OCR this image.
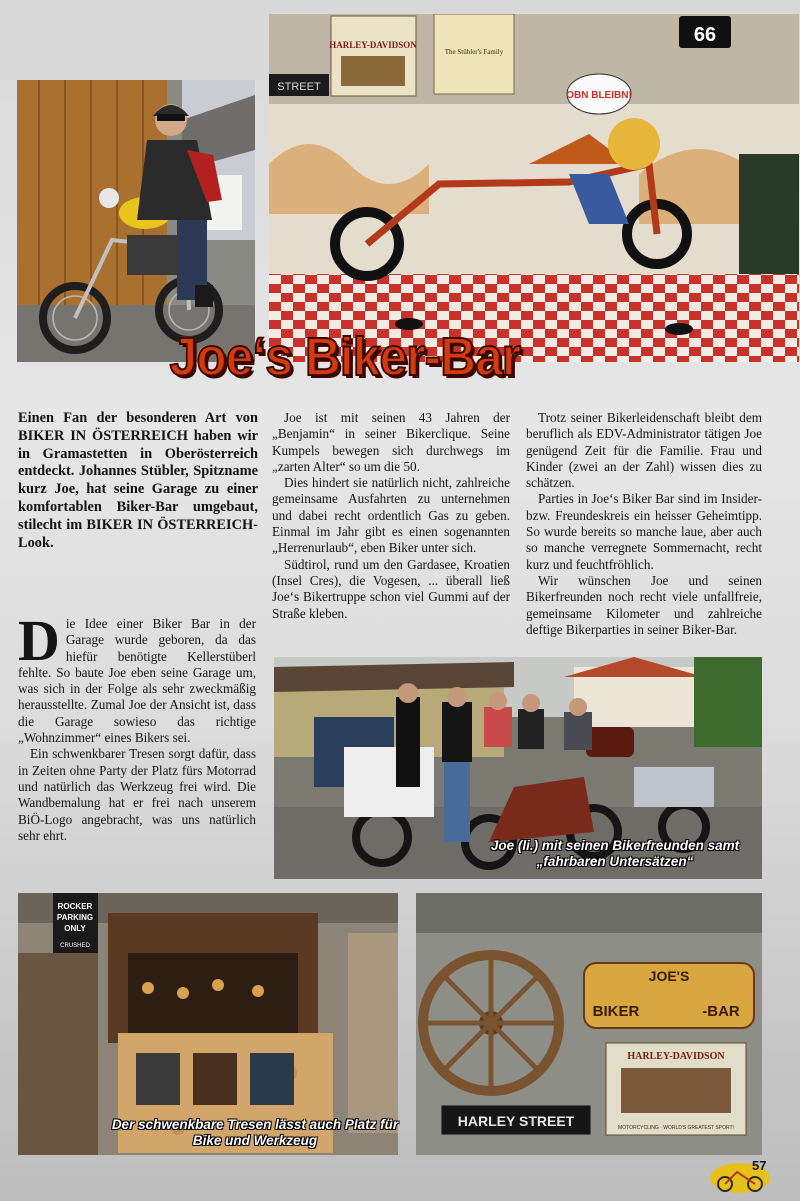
HARLEY-DAVIDSON
The Stübler's Family
66
STREET
OBN BLEIBN!
Joe‘s Biker-Bar
Einen Fan der besonderen Art von BIKER IN ÖSTERREICH haben wir in Gramastetten in Oberösterreich entdeckt. Johannes Stübler, Spitzname kurz Joe, hat seine Garage zu einer komfortablen Biker-Bar umgebaut, stilecht im BIKER IN ÖSTERREICH-Look.

Die Idee einer Biker Bar in der Garage wurde geboren, da das hiefür benötigte Kellerstüberl fehlte. So baute Joe eben seine Garage um, was sich in der Folge als sehr zweckmäßig herausstellte. Zumal Joe der Ansicht ist, dass die Garage sowieso das richtige „Wohnzimmer“ eines Bikers sei.

Ein schwenkbarer Tresen sorgt dafür, dass in Zeiten ohne Party der Platz fürs Motorrad und natürlich das Werkzeug frei wird. Die Wandbemalung hat er frei nach unserem BiÖ-Logo angebracht, was uns natürlich sehr ehrt.

Joe ist mit seinen 43 Jahren der „Benjamin“ in seiner Bikerclique. Seine Kumpels bewegen sich durchwegs im „zarten Alter“ so um die 50.

Dies hindert sie natürlich nicht, zahlreiche gemeinsame Ausfahrten zu unternehmen und dabei recht ordentlich Gas zu geben. Einmal im Jahr gibt es einen sogenannten „Herrenurlaub“, eben Biker unter sich.

Südtirol, rund um den Gardasee, Kroatien (Insel Cres), die Vogesen, ... überall ließ Joe‘s Bikertruppe schon viel Gummi auf der Straße kleben.

Trotz seiner Bikerleidenschaft bleibt dem beruflich als EDV-Administrator tätigen Joe genügend Zeit für die Familie. Frau und Kinder (zwei an der Zahl) wissen dies zu schätzen.

Parties in Joe‘s Biker Bar sind im Insider- bzw. Freundeskreis ein heisser Geheimtipp. So wurde bereits so manche laue, aber auch so manche verregnete Sommernacht, recht kurz und feuchtfröhlich.

Wir wünschen Joe und seinen Bikerfreunden noch recht viele unfallfreie, gemeinsame Kilometer und zahlreiche deftige Bikerparties in seiner Biker-Bar.

Joe (li.) mit seinen Bikerfreunden samt „fahrbaren Untersätzen“
ROCKER
PARKING
ONLY
CRUSHED
Der schwenkbare Tresen lässt auch Platz für Bike und Werkzeug
JOE'S
BIKER	-BAR
HARLEY-DAVIDSON
MOTORCYCLING · WORLD'S GREATEST SPORT!
HARLEY STREET
57
